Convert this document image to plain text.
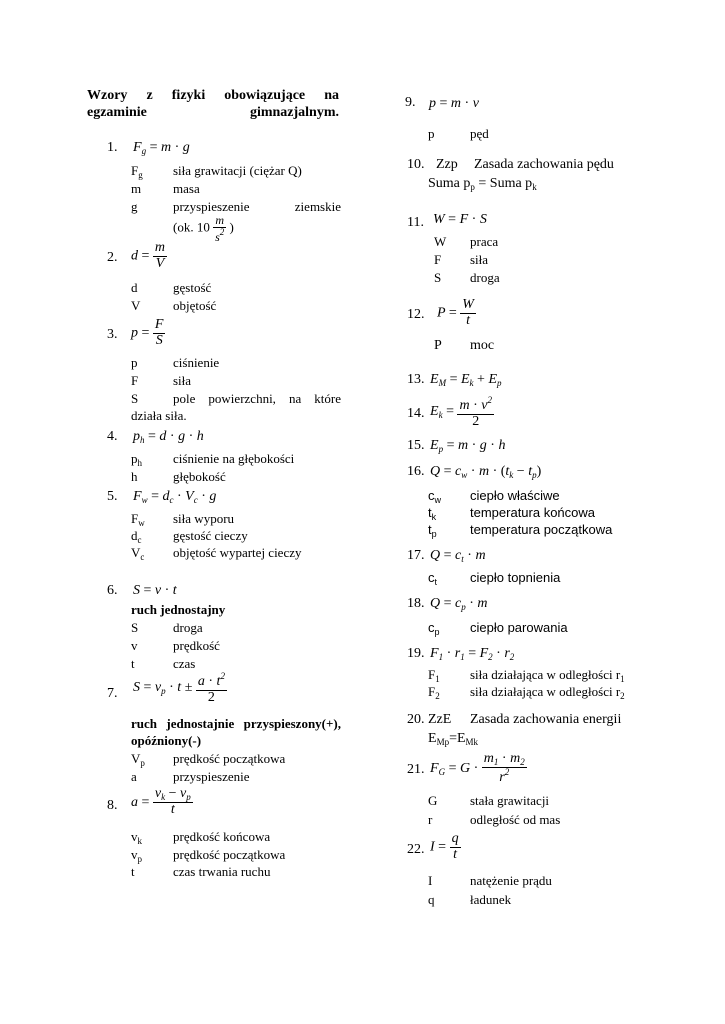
Wzory z fizyki obowiązujące na egzaminie gimnazjalnym.
1. $F_g = m \cdot g$
$F_g$ siła grawitacji (ciężar Q)
m masa
g	przyspieszenie ziemskie
(ok. $10 \frac{m}{s^2}$ )
2. $d = \frac{m}{V}$
d	gęstość
V	objętość
3. $p = \frac{F}{S}$
p	ciśnienie
F	siła
S	pole powierzchni, na które
działa siła.
4. $p_h = d \cdot g \cdot h$
$p_h$ ciśnienie na głębokości
h	głębokość
5. $F_w = d_c \cdot V_c \cdot g$
$F_w$ siła wyporu
$d_c$ gęstość cieczy
$V_c$ objętość wypartej cieczy
6. S = v · t
ruch jednostajny
S	droga
v	prędkość
t	czas
7. $S = v_p \cdot t \pm \frac{a \cdot t^2}{2}$
ruch jednostajnie przyspieszony(+),
opóźniony(-)
$V_p$ prędkość początkowa
a	przyspieszenie
8. $a = \frac{v_k - v_p}{t}$
$v_k$ prędkość końcowa
$v_p$ prędkość początkowa
t	czas trwania ruchu
9. p = m · v
p	pęd
10. Zzp Zasada zachowania pędu
Suma $p_p$ = Suma $p_k$
11. W = F · S
W praca
F siła
S droga
12. $P = \frac{W}{t}$
P moc
13. $E_M = E_k + E_p$
14. $E_k = \frac{m \cdot v^2}{2}$
15. $E_p = m \cdot g \cdot h$
16. $Q = c_w \cdot m \cdot (t_k - t_p)$
$c_w$ ciepło właściwe
$t_k$	temperatura końcowa
$t_p$	temperatura początkowa
17. $Q = c_t \cdot m$
$c_t$	ciepło topnienia
18. $Q = c_p \cdot m$
$c_p$ ciepło parowania
19. $F_1 \cdot r_1 = F_2 \cdot r_2$
$F_1$ siła działająca w odległości $r_1$
$F_2$ siła działająca w odległości $r_2$
20. ZzE Zasada zachowania energii
$E_{Mp}=E_{Mk}$
21. $F_G = G \cdot \frac{m_1 \cdot m_2}{r^2}$
G	stała grawitacji
r	odległość od mas
22. $I = \frac{q}{t}$
I	natężenie prądu
q	ładunek
